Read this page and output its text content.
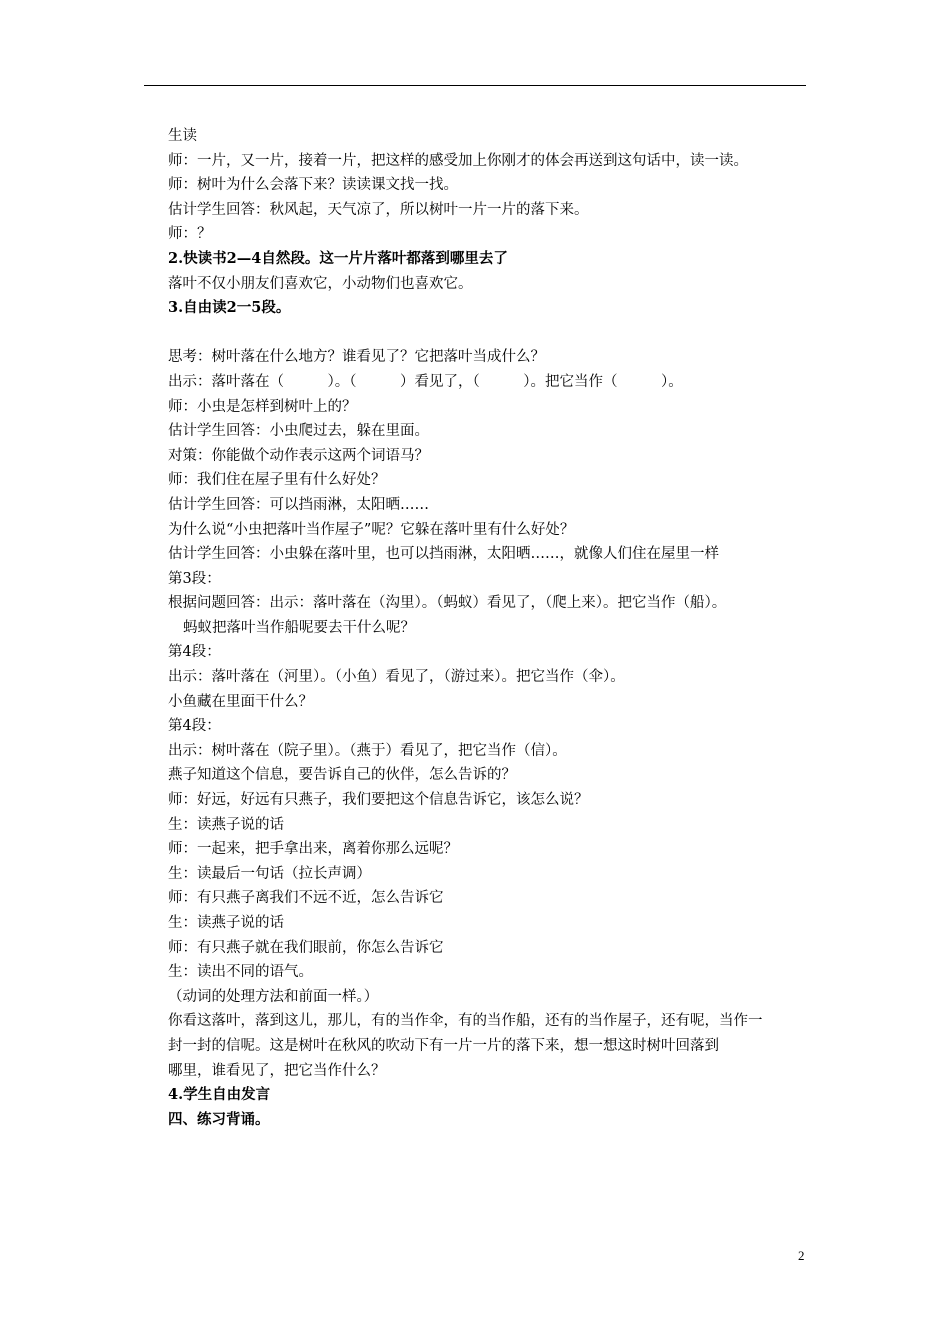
生读
师：一片，又一片，接着一片，把这样的感受加上你刚才的体会再送到这句话中，读一读。
师：树叶为什么会落下来？读读课文找一找。
估计学生回答：秋风起，天气凉了，所以树叶一片一片的落下来。
师：？
2.快读书2—4自然段。这一片片落叶都落到哪里去了
落叶不仅小朋友们喜欢它，小动物们也喜欢它。
3.自由读2一5段。
思考：树叶落在什么地方？谁看见了？它把落叶当成什么？
出示：落叶落在（　　　）。（　　　）看见了，（　　　）。把它当作（　　　）。
师：小虫是怎样到树叶上的？
估计学生回答：小虫爬过去，躲在里面。
对策：你能做个动作表示这两个词语马？
师：我们住在屋子里有什么好处？
估计学生回答：可以挡雨淋，太阳晒……
为什么说“小虫把落叶当作屋子”呢？它躲在落叶里有什么好处？
估计学生回答：小虫躲在落叶里，也可以挡雨淋，太阳晒……，就像人们住在屋里一样
第3段：
根据问题回答：出示：落叶落在（沟里）。（蚂蚁）看见了，（爬上来）。把它当作（船）。
蚂蚁把落叶当作船呢要去干什么呢？
第4段：
出示：落叶落在（河里）。（小鱼）看见了，（游过来）。把它当作（伞）。
小鱼藏在里面干什么？
第4段：
出示：树叶落在（院子里）。（燕于）看见了，把它当作（信）。
燕子知道这个信息，要告诉自己的伙伴，怎么告诉的？
师：好远，好远有只燕子，我们要把这个信息告诉它，该怎么说？
生：读燕子说的话
师：一起来，把手拿出来，离着你那么远呢？
生：读最后一句话（拉长声调）
师：有只燕子离我们不远不近，怎么告诉它
生：读燕子说的话
师：有只燕子就在我们眼前，你怎么告诉它
生：读出不同的语气。
（动词的处理方法和前面一样。）
你看这落叶，落到这儿，那儿，有的当作伞，有的当作船，还有的当作屋子，还有呢，当作一
封一封的信呢。这是树叶在秋风的吹动下有一片一片的落下来，想一想这时树叶回落到
哪里，谁看见了，把它当作什么？
4.学生自由发言
四、练习背诵。
2
